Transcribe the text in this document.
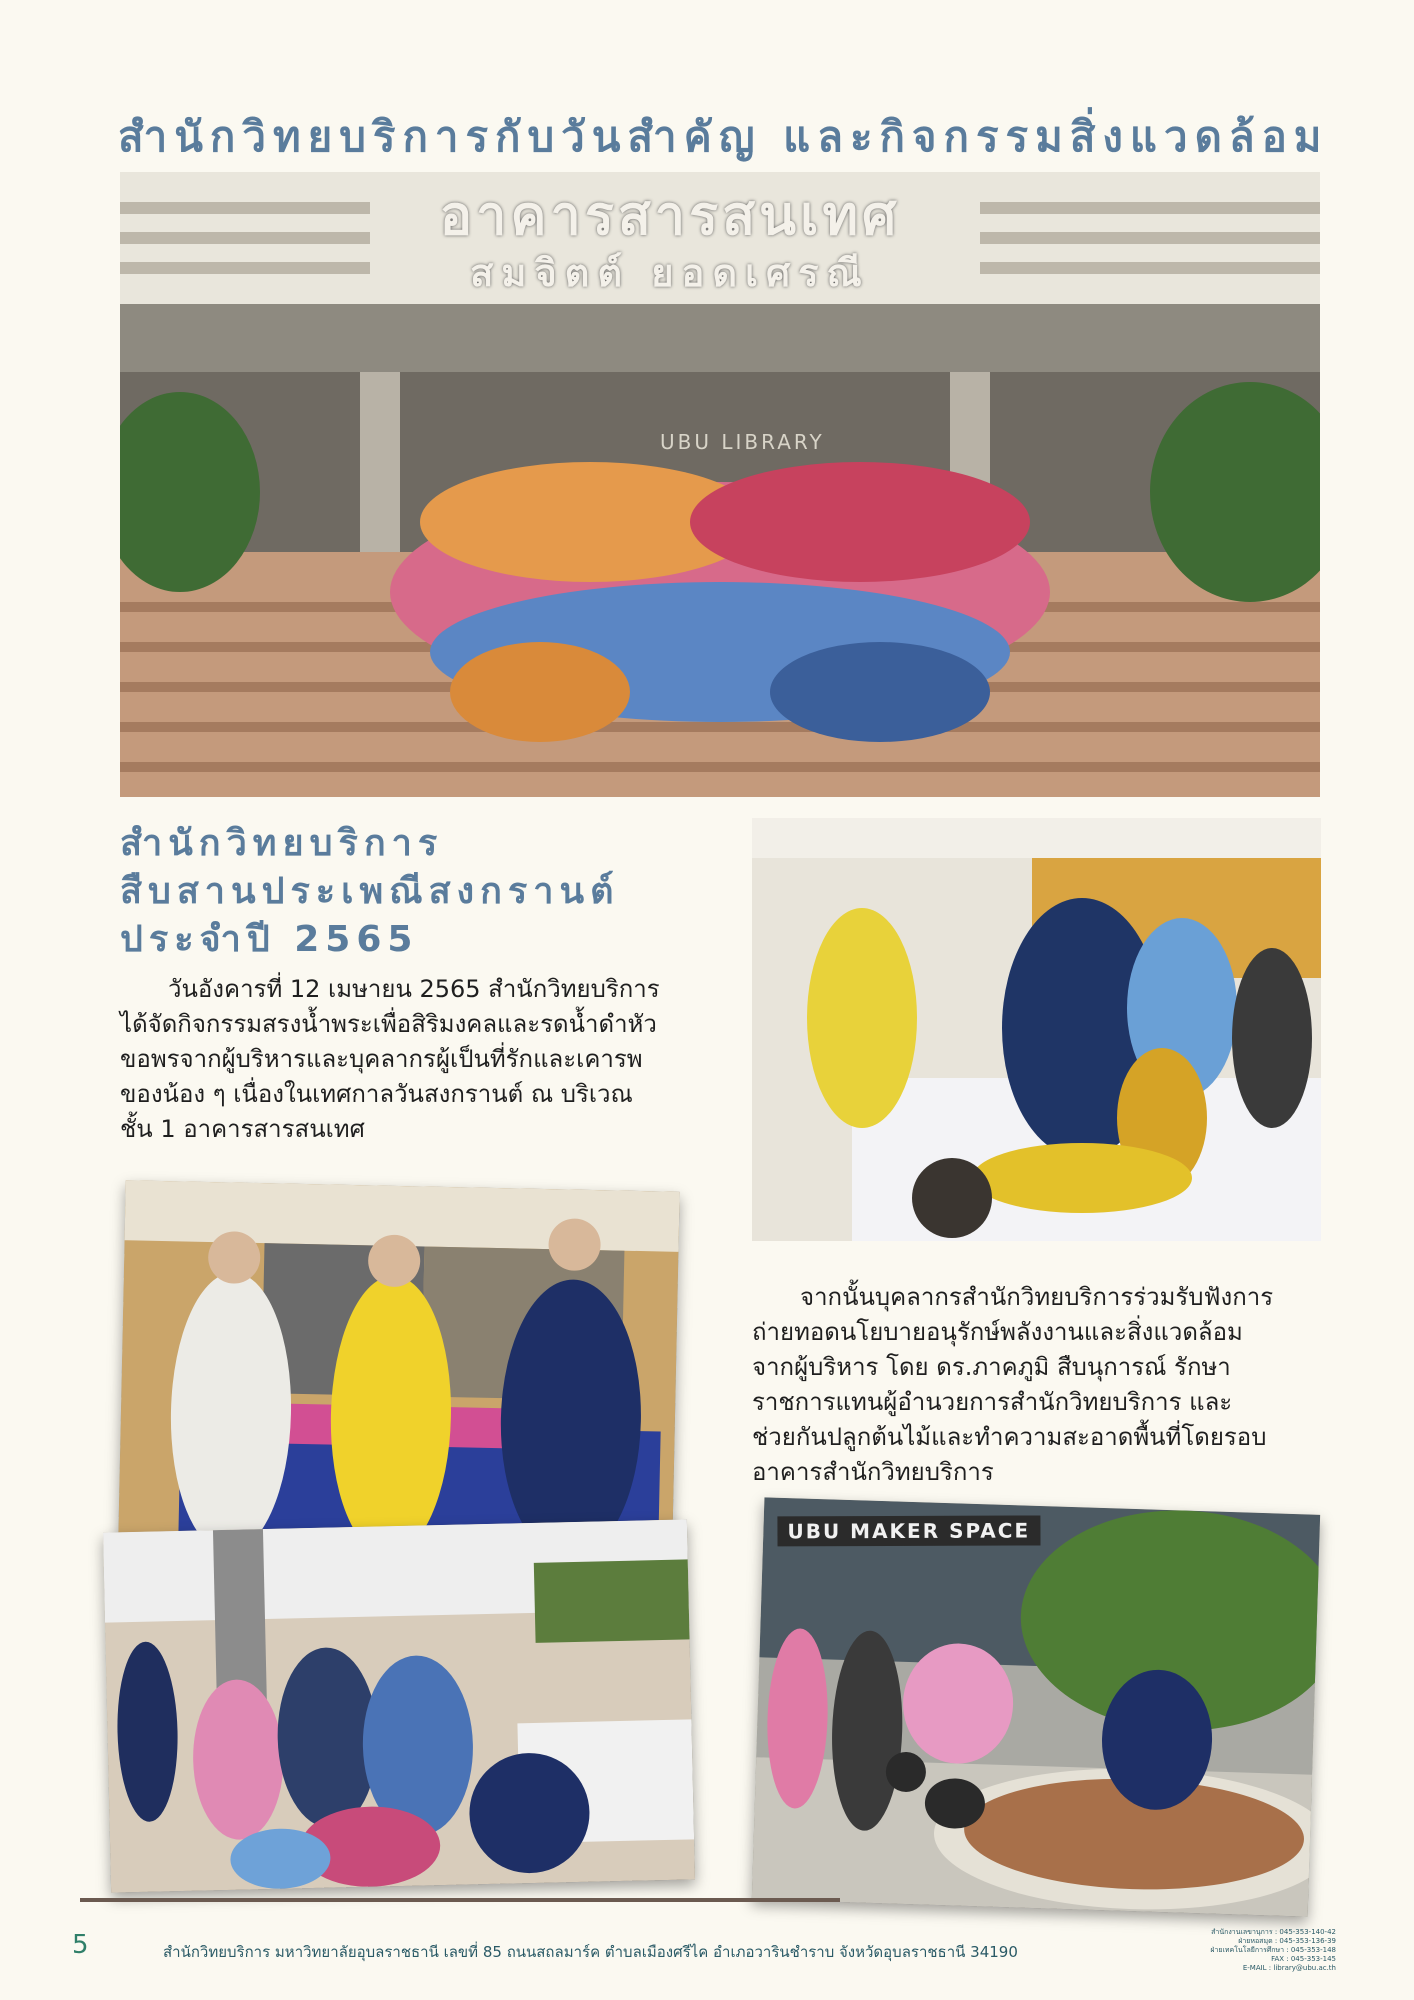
สำนักวิทยบริการกับวันสำคัญ และกิจกรรมสิ่งแวดล้อม
อาคารสารสนเทศ
สมจิตต์ ยอดเศรณี
UBU LIBRARY
สำนักวิทยบริการ
สืบสานประเพณีสงกรานต์
ประจำปี 2565

วันอังคารที่ 12 เมษายน 2565 สำนักวิทยบริการ
ได้จัดกิจกรรมสรงน้ำพระเพื่อสิริมงคลและรดน้ำดำหัว
ขอพรจากผู้บริหารและบุคลากรผู้เป็นที่รักและเคารพ
ของน้อง ๆ เนื่องในเทศกาลวันสงกรานต์ ณ บริเวณ
ชั้น 1 อาคารสารสนเทศ

จากนั้นบุคลากรสำนักวิทยบริการร่วมรับฟังการ
ถ่ายทอดนโยบายอนุรักษ์พลังงานและสิ่งแวดล้อม
จากผู้บริหาร โดย ดร.ภาคภูมิ สืบนุการณ์ รักษา
ราชการแทนผู้อำนวยการสำนักวิทยบริการ และ
ช่วยกันปลูกต้นไม้และทำความสะอาดพื้นที่โดยรอบ
อาคารสำนักวิทยบริการ

UBU MAKER SPACE
5	สำนักวิทยบริการ มหาวิทยาลัยอุบลราชธานี เลขที่ 85 ถนนสถลมาร์ค ตำบลเมืองศรีไค อำเภอวารินชำราบ จังหวัดอุบลราชธานี 34190
สำนักงานเลขานุการ : 045-353-140-42
ฝ่ายหอสมุด : 045-353-136-39
ฝ่ายเทคโนโลยีการศึกษา : 045-353-148
FAX : 045-353-145
E-MAIL : library@ubu.ac.th
